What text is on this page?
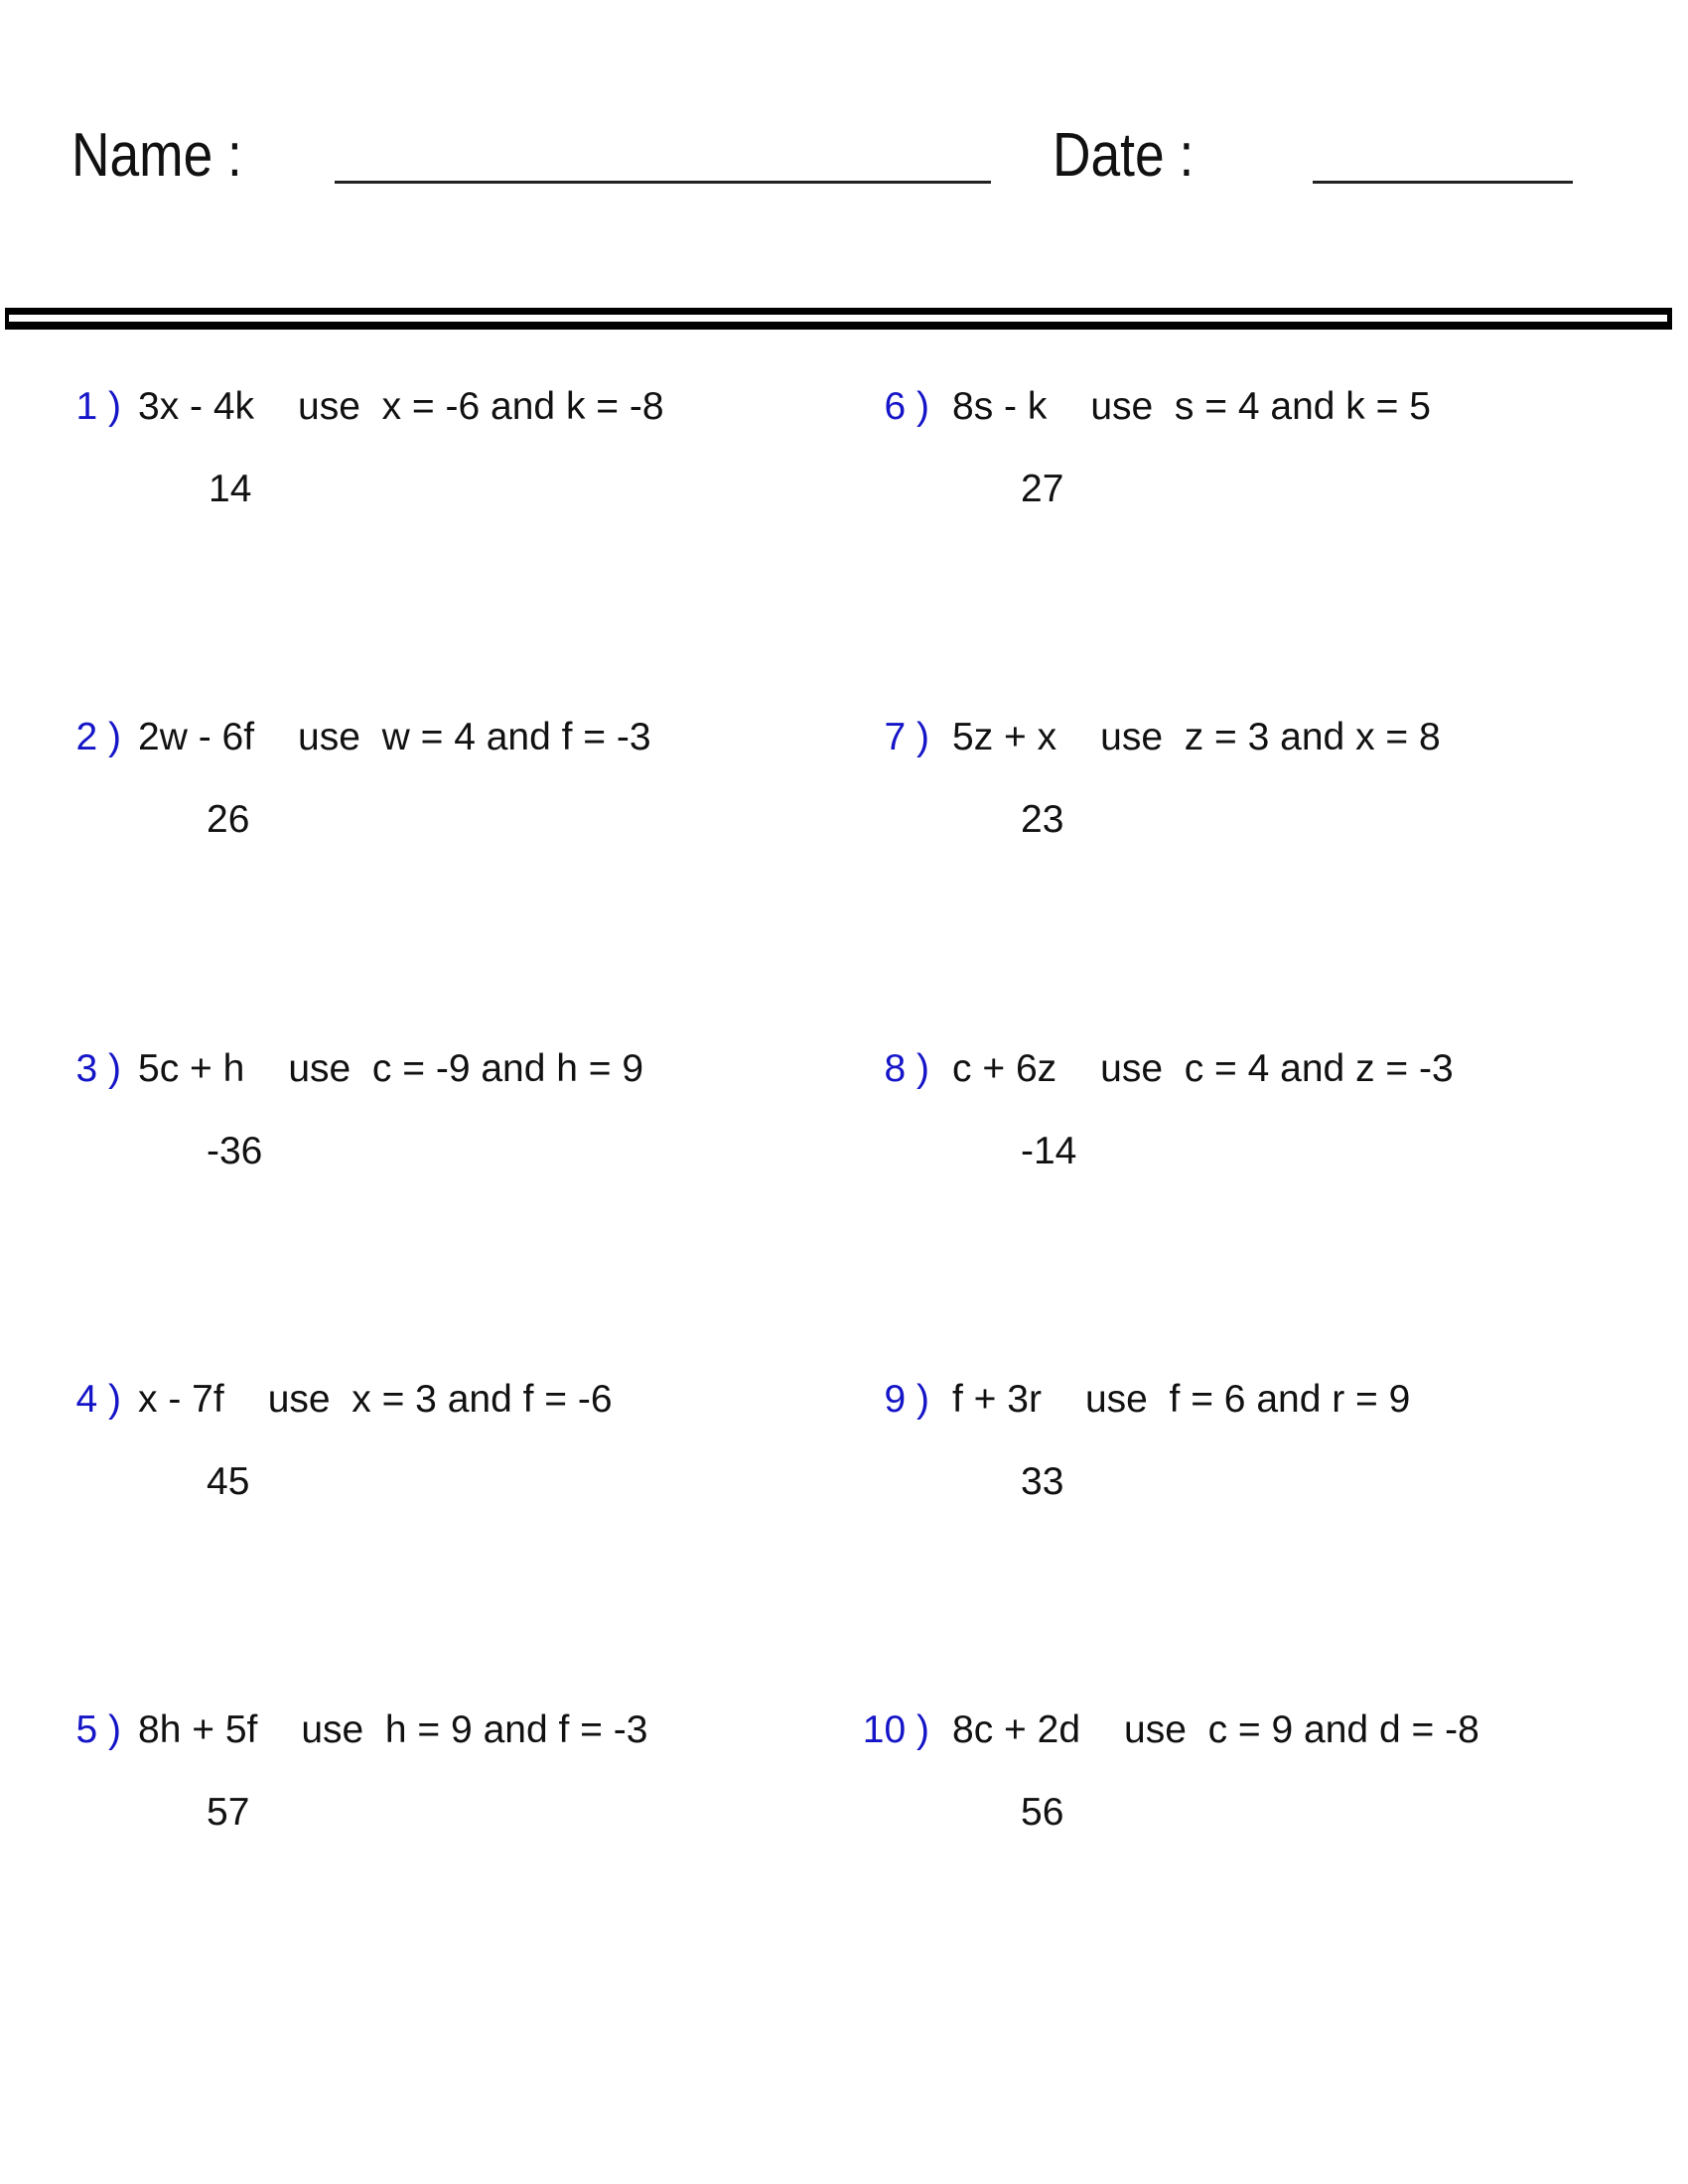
Name :	Date :
1 ) 3x - 4k use  x = -6 and k = -8
14
2 ) 2w - 6f use  w = 4 and f = -3
26
3 ) 5c + h use  c = -9 and h = 9
-36
4 ) x - 7f use  x = 3 and f = -6
45
5 ) 8h + 5f use  h = 9 and f = -3
57
6 ) 8s - k use  s = 4 and k = 5
27
7 ) 5z + x use  z = 3 and x = 8
23
8 ) c + 6z use  c = 4 and z = -3
-14
9 ) f + 3r use  f = 6 and r = 9
33
10 ) 8c + 2d use  c = 9 and d = -8
56
